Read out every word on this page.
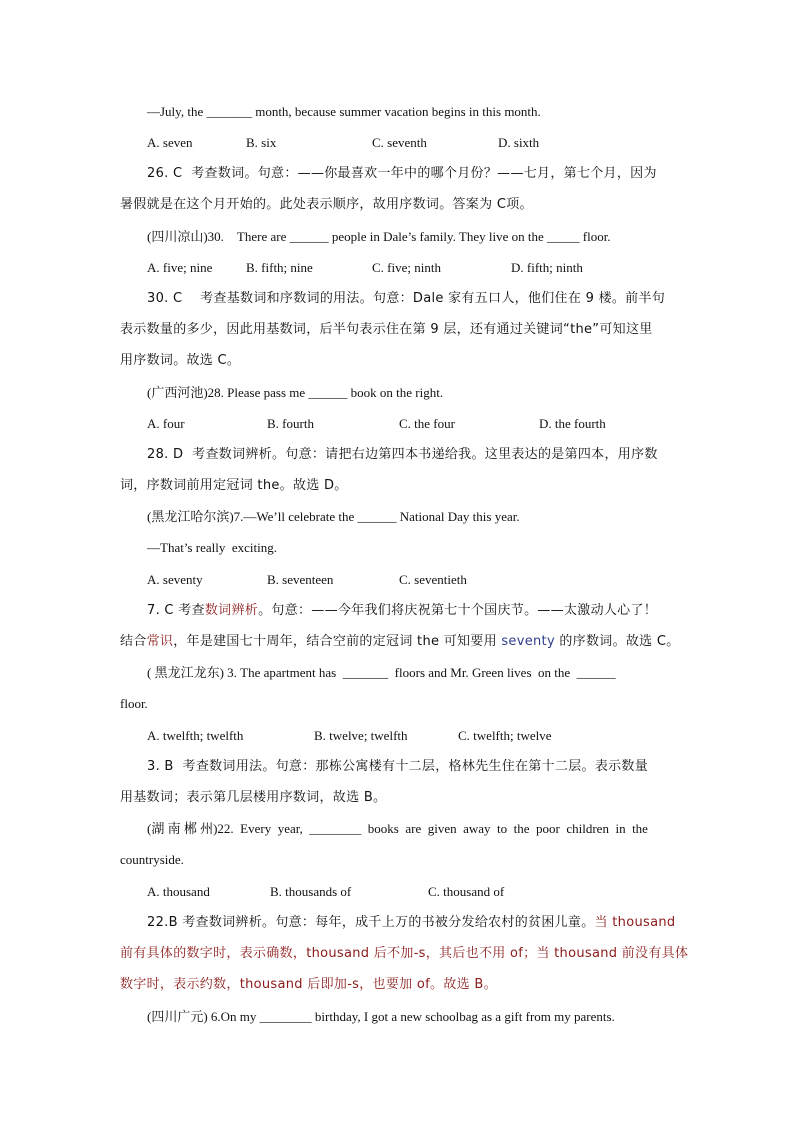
—July, the _______ month, because summer vacation begins in this month.
A. seven	B. six	C. seventh	D. sixth
26. C  考查数词。句意：——你最喜欢一年中的哪个月份？——七月，第七个月，因为
暑假就是在这个月开始的。此处表示顺序，故用序数词。答案为 C项。
(四川凉山)30.    There are ______ people in Dale’s family. They live on the _____ floor.
A. five; nine	B. fifth; nine	C. five; ninth	D. fifth; ninth
30. C    考查基数词和序数词的用法。句意：Dale 家有五口人，他们住在 9 楼。前半句
表示数量的多少，因此用基数词，后半句表示住在第 9 层，还有通过关键词“the”可知这里
用序数词。故选 C。
(广西河池)28. Please pass me ______ book on the right.
A. four	B. fourth	C. the four	D. the fourth
28. D  考查数词辨析。句意：请把右边第四本书递给我。这里表达的是第四本，用序数
词，序数词前用定冠词 the。故选 D。
(黑龙江哈尔滨)7.—We’ll celebrate the ______ National Day this year.
—That’s really  exciting.
A. seventy	B. seventeen	C. seventieth
7. C 考查数词辨析。句意：——今年我们将庆祝第七十个国庆节。——太激动人心了！
结合常识，年是建国七十周年，结合空前的定冠词 the 可知要用 seventy 的序数词。故选 C。
( 黑龙江龙东) 3. The apartment has  _______  floors and Mr. Green lives  on the  ______
floor.
A. twelfth; twelfth	B. twelve; twelfth	C. twelfth; twelve
3. B  考查数词用法。句意：那栋公寓楼有十二层，格林先生住在第十二层。表示数量
用基数词；表示第几层楼用序数词，故选 B。
(湖 南 郴 州)22.  Every  year,  ________  books  are  given  away  to  the  poor  children  in  the
countryside.
A. thousand	B. thousands of	C. thousand of
22.B 考查数词辨析。句意：每年，成千上万的书被分发给农村的贫困儿童。当 thousand
前有具体的数字时，表示确数，thousand 后不加-s，其后也不用 of；当 thousand 前没有具体
数字时，表示约数，thousand 后即加-s，也要加 of。故选 B。
(四川广元) 6.On my ________ birthday, I got a new schoolbag as a gift from my parents.
